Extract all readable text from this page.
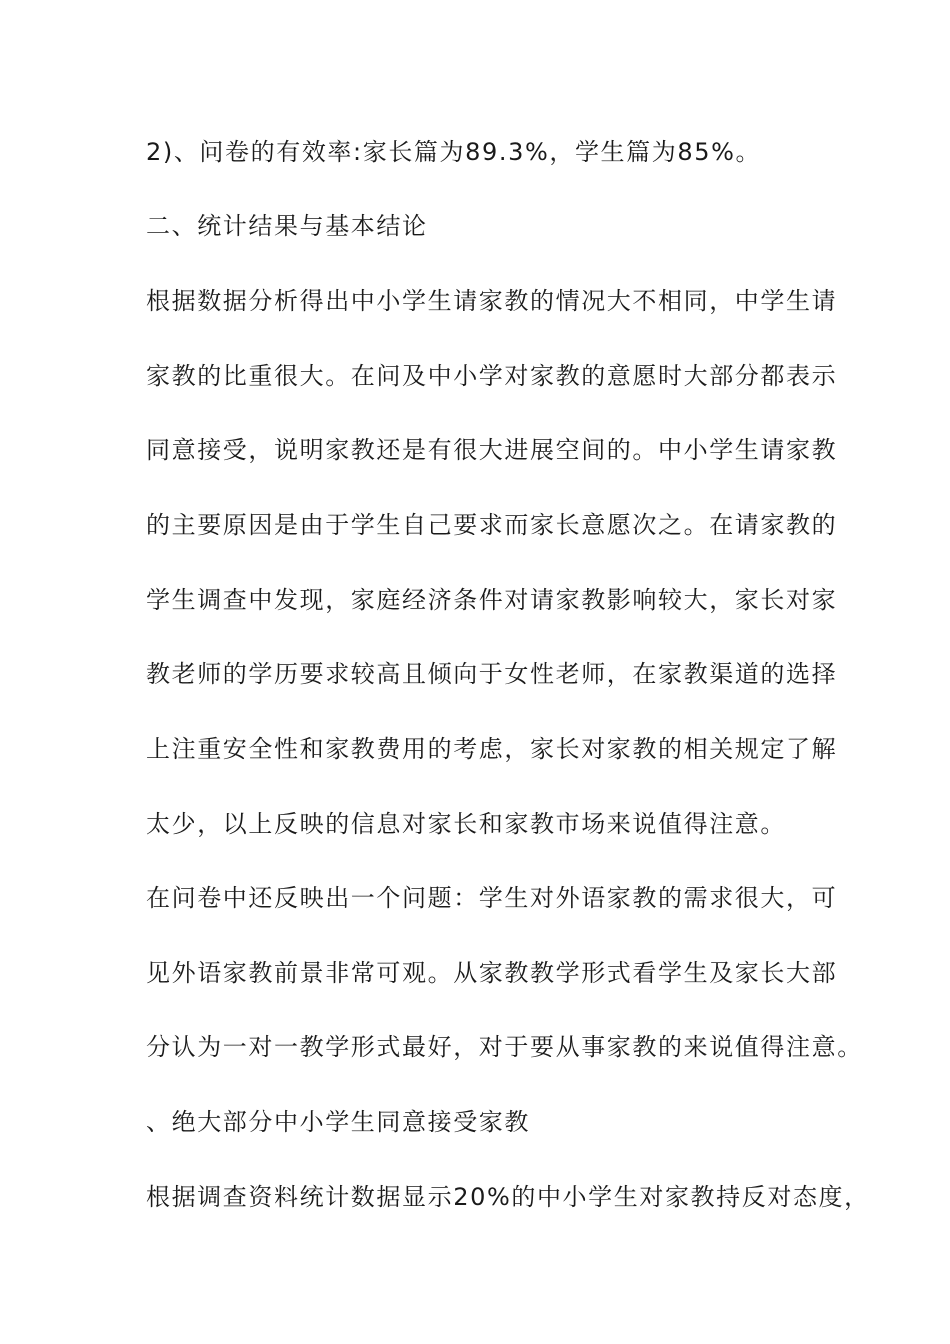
2)、问卷的有效率:家长篇为89.3%，学生篇为85%。
二、统计结果与基本结论
根据数据分析得出中小学生请家教的情况大不相同，中学生请
家教的比重很大。在问及中小学对家教的意愿时大部分都表示
同意接受，说明家教还是有很大进展空间的。中小学生请家教
的主要原因是由于学生自己要求而家长意愿次之。在请家教的
学生调查中发现，家庭经济条件对请家教影响较大，家长对家
教老师的学历要求较高且倾向于女性老师，在家教渠道的选择
上注重安全性和家教费用的考虑，家长对家教的相关规定了解
太少，以上反映的信息对家长和家教市场来说值得注意。
在问卷中还反映出一个问题：学生对外语家教的需求很大，可
见外语家教前景非常可观。从家教教学形式看学生及家长大部
分认为一对一教学形式最好，对于要从事家教的来说值得注意。
、绝大部分中小学生同意接受家教
根据调查资料统计数据显示20%的中小学生对家教持反对态度，
